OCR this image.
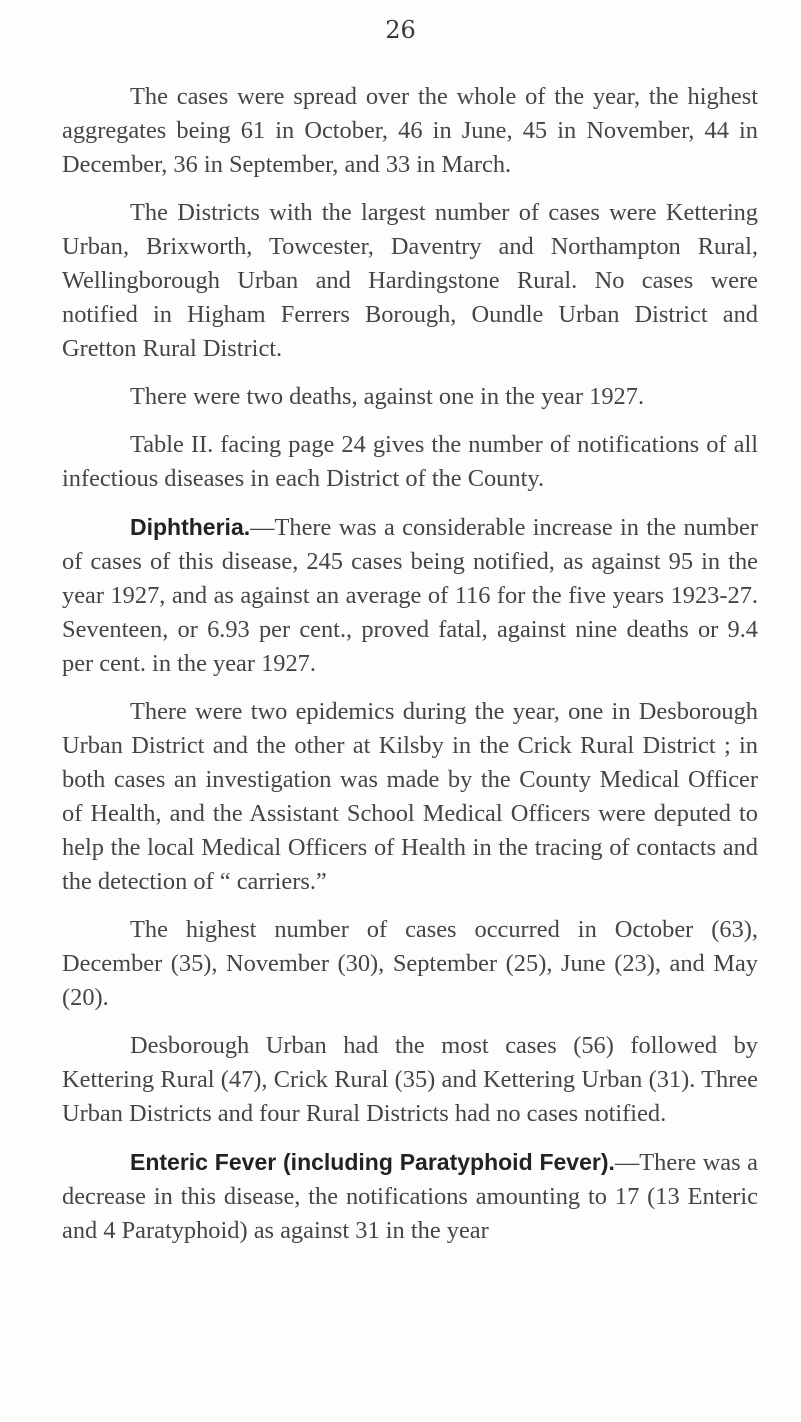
26

The cases were spread over the whole of the year, the highest aggregates being 61 in October, 46 in June, 45 in November, 44 in December, 36 in September, and 33 in March.

The Districts with the largest number of cases were Kettering Urban, Brixworth, Towcester, Daventry and Northampton Rural, Wellingborough Urban and Hardingstone Rural. No cases were notified in Higham Ferrers Borough, Oundle Urban District and Gretton Rural District.

There were two deaths, against one in the year 1927.

Table II. facing page 24 gives the number of notifications of all infectious diseases in each District of the County.

Diphtheria.—There was a considerable increase in the number of cases of this disease, 245 cases being notified, as against 95 in the year 1927, and as against an average of 116 for the five years 1923-27. Seventeen, or 6.93 per cent., proved fatal, against nine deaths or 9.4 per cent. in the year 1927.

There were two epidemics during the year, one in Desborough Urban District and the other at Kilsby in the Crick Rural District ; in both cases an investigation was made by the County Medical Officer of Health, and the Assistant School Medical Officers were deputed to help the local Medical Officers of Health in the tracing of contacts and the detection of “ carriers.”

The highest number of cases occurred in October (63), December (35), November (30), September (25), June (23), and May (20).

Desborough Urban had the most cases (56) followed by Kettering Rural (47), Crick Rural (35) and Kettering Urban (31). Three Urban Districts and four Rural Districts had no cases notified.

Enteric Fever (including Paratyphoid Fever).—There was a decrease in this disease, the notifications amounting to 17 (13 Enteric and 4 Paratyphoid) as against 31 in the year
